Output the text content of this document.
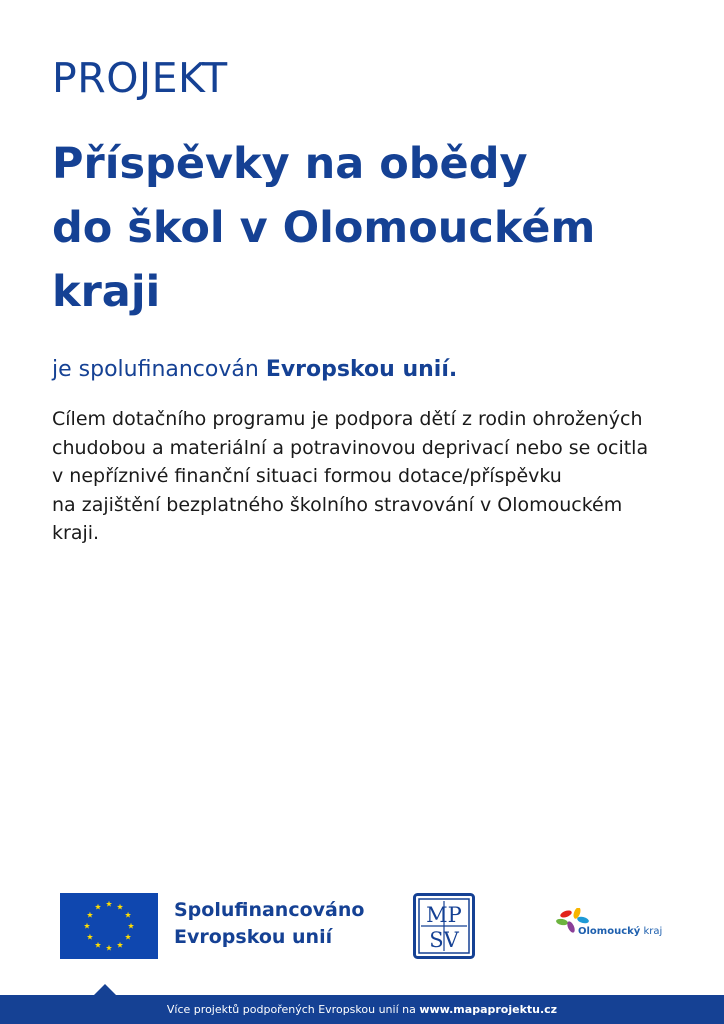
PROJEKT
Příspěvky na obědy
do škol v Olomouckém
kraji

je spolufinancován Evropskou unií.

Cílem dotačního programu je podpora dětí z rodin ohrožených
chudobou a materiální a potravinovou deprivací nebo se ocitla
v nepříznivé finanční situaci formou dotace/příspěvku
na zajištění bezplatného školního stravování v Olomouckém
kraji.
Spolufinancováno
Evropskou unií
MP
SV	Olomoucký kraj
Více projektů podpořených Evropskou unií na www.mapaprojektu.cz
